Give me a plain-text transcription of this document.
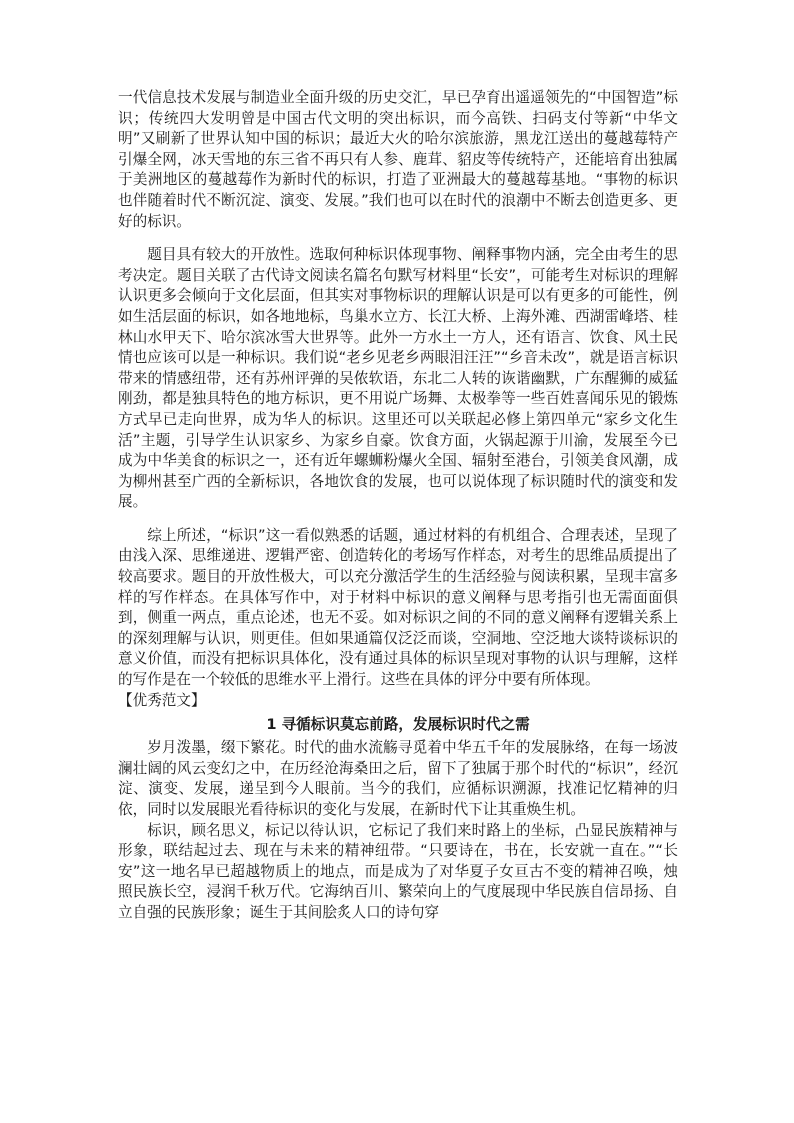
一代信息技术发展与制造业全面升级的历史交汇，早已孕育出遥遥领先的“中国智造”标识；传统四大发明曾是中国古代文明的突出标识，而今高铁、扫码支付等新“中华文明”又刷新了世界认知中国的标识；最近大火的哈尔滨旅游，黑龙江送出的蔓越莓特产引爆全网，冰天雪地的东三省不再只有人参、鹿茸、貂皮等传统特产，还能培育出独属于美洲地区的蔓越莓作为新时代的标识，打造了亚洲最大的蔓越莓基地。“事物的标识也伴随着时代不断沉淀、演变、发展。”我们也可以在时代的浪潮中不断去创造更多、更好的标识。

题目具有较大的开放性。选取何种标识体现事物、阐释事物内涵，完全由考生的思考决定。题目关联了古代诗文阅读名篇名句默写材料里“长安”，可能考生对标识的理解认识更多会倾向于文化层面，但其实对事物标识的理解认识是可以有更多的可能性，例如生活层面的标识，如各地地标，鸟巢水立方、长江大桥、上海外滩、西湖雷峰塔、桂林山水甲天下、哈尔滨冰雪大世界等。此外一方水土一方人，还有语言、饮食、风土民情也应该可以是一种标识。我们说“老乡见老乡两眼泪汪汪”“乡音未改”，就是语言标识带来的情感纽带，还有苏州评弹的吴侬软语，东北二人转的诙谐幽默，广东醒狮的威猛刚劲，都是独具特色的地方标识，更不用说广场舞、太极拳等一些百姓喜闻乐见的锻炼方式早已走向世界，成为华人的标识。这里还可以关联起必修上第四单元“家乡文化生活”主题，引导学生认识家乡、为家乡自豪。饮食方面，火锅起源于川渝，发展至今已成为中华美食的标识之一，还有近年螺蛳粉爆火全国、辐射至港台，引领美食风潮，成为柳州甚至广西的全新标识，各地饮食的发展，也可以说体现了标识随时代的演变和发展。

综上所述，“标识”这一看似熟悉的话题，通过材料的有机组合、合理表述，呈现了由浅入深、思维递进、逻辑严密、创造转化的考场写作样态，对考生的思维品质提出了较高要求。题目的开放性极大，可以充分激活学生的生活经验与阅读积累，呈现丰富多样的写作样态。在具体写作中，对于材料中标识的意义阐释与思考指引也无需面面俱到，侧重一两点，重点论述，也无不妥。如对标识之间的不同的意义阐释有逻辑关系上的深刻理解与认识，则更佳。但如果通篇仅泛泛而谈，空洞地、空泛地大谈特谈标识的意义价值，而没有把标识具体化，没有通过具体的标识呈现对事物的认识与理解，这样的写作是在一个较低的思维水平上滑行。这些在具体的评分中要有所体现。

【优秀范文】

1 寻循标识莫忘前路，发展标识时代之需

岁月泼墨，缀下繁花。时代的曲水流觞寻觅着中华五千年的发展脉络，在每一场波澜壮阔的风云变幻之中，在历经沧海桑田之后，留下了独属于那个时代的“标识”，经沉淀、演变、发展，递呈到今人眼前。当今的我们，应循标识溯源，找准记忆精神的归依，同时以发展眼光看待标识的变化与发展，在新时代下让其重焕生机。

标识，顾名思义，标记以待认识，它标记了我们来时路上的坐标，凸显民族精神与形象，联结起过去、现在与未来的精神纽带。“只要诗在，书在，长安就一直在。”“长安”这一地名早已超越物质上的地点，而是成为了对华夏子女亘古不变的精神召唤，烛照民族长空，浸润千秋万代。它海纳百川、繁荣向上的气度展现中华民族自信昂扬、自立自强的民族形象；诞生于其间脍炙人口的诗句穿
